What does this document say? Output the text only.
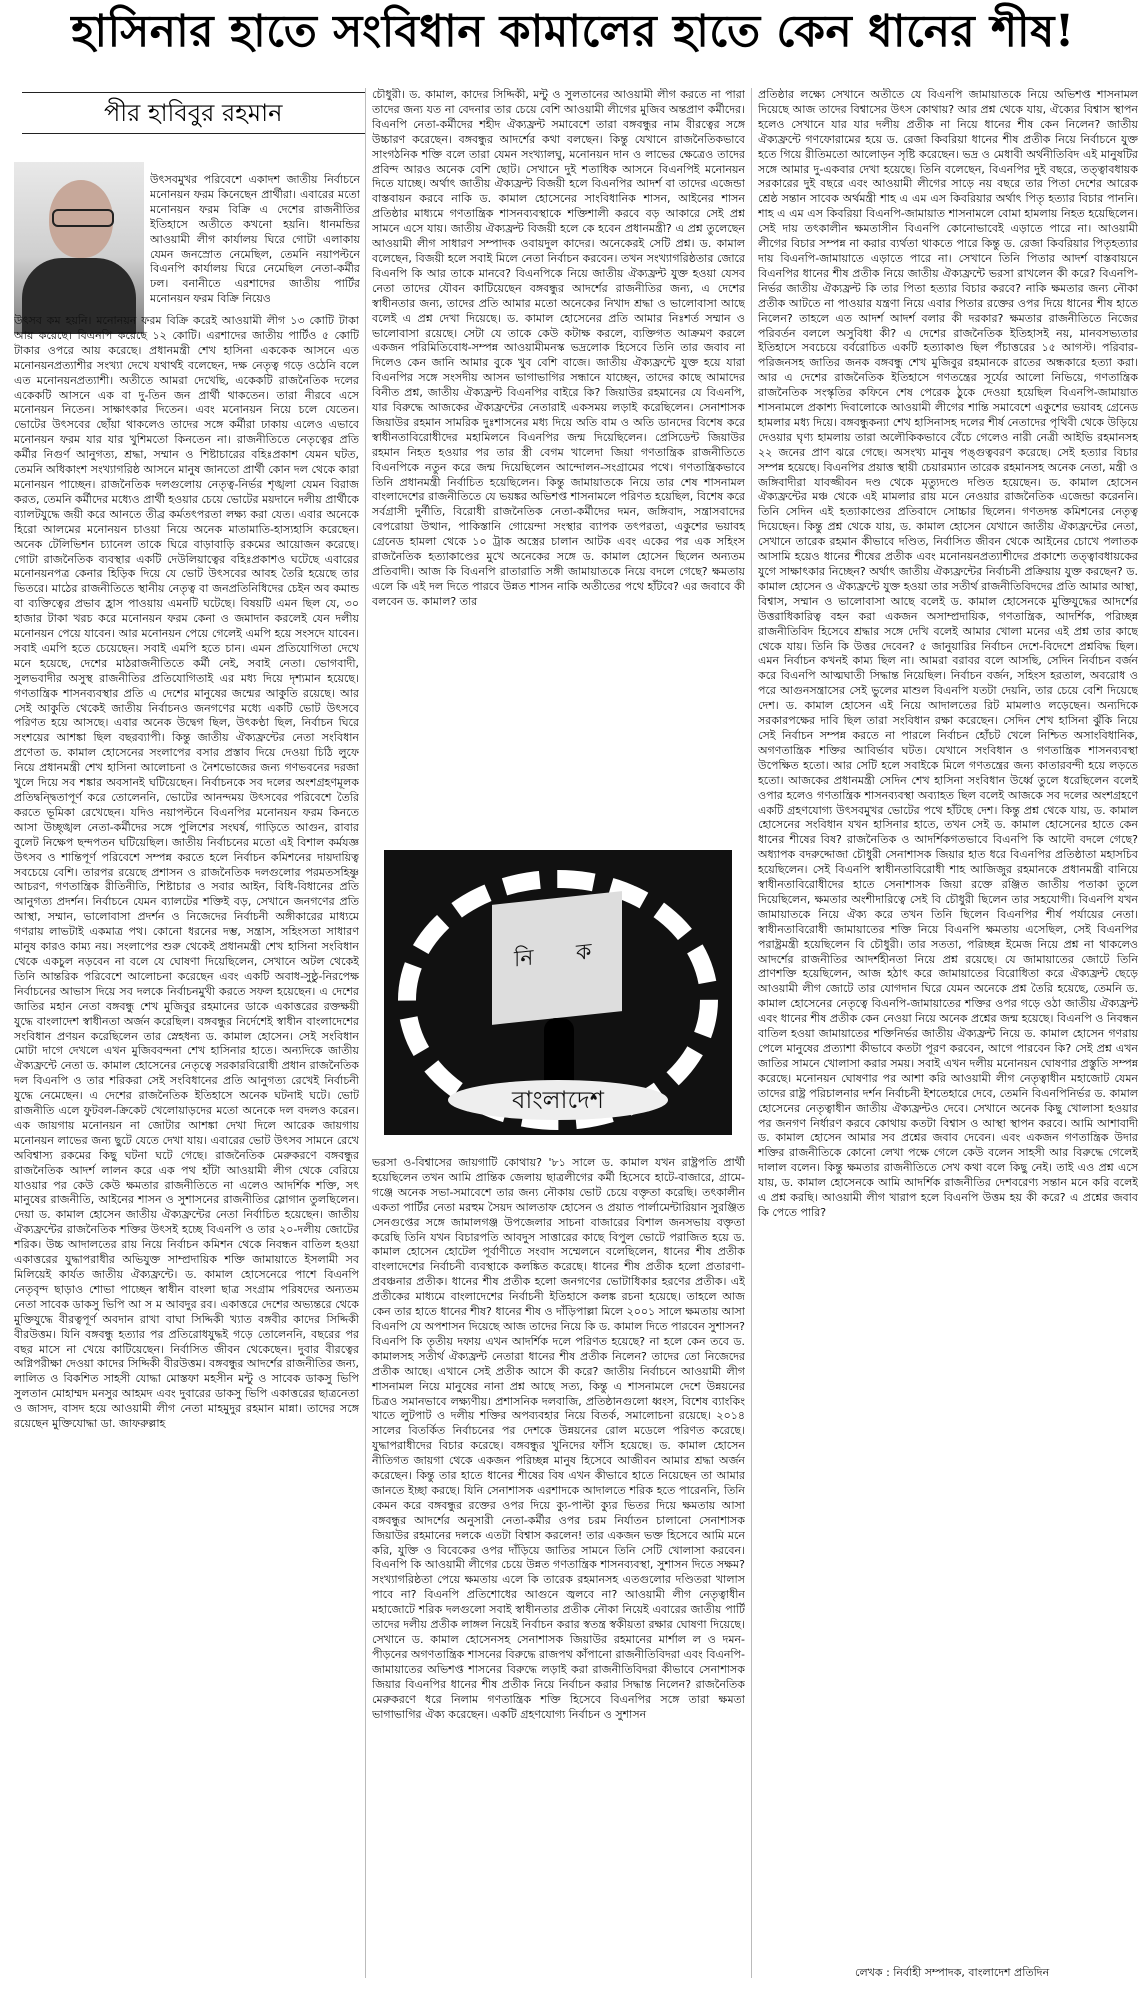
হাসিনার হাতে সংবিধান কামালের হাতে কেন ধানের শীষ!
পীর হাবিবুর রহমান

উৎসবমুখর পরিবেশে একাদশ জাতীয় নির্বাচনে মনোনয়ন ফরম কিনেছেন প্রার্থীরা। এবারের মতো মনোনয়ন ফরম বিক্রি এ দেশের রাজনীতির ইতিহাসে অতীতে কখনো হয়নি। ধানমন্ডির আওয়ামী লীগ কার্যালয় ঘিরে গোটা এলাকায় যেমন জনস্রোত নেমেছিল, তেমনি নয়াপল্টনে বিএনপি কার্যালয় ঘিরে নেমেছিল নেতা-কর্মীর ঢল। বনানীতে এরশাদের জাতীয় পার্টির মনোনয়ন ফরম বিক্রি নিয়েও

উৎসব কম হয়নি। মনোনয়ন ফরম বিক্রি করেই আওয়ামী লীগ ১৩ কোটি টাকা আয় করেছে। বিএনপি করেছে ১২ কোটি। এরশাদের জাতীয় পার্টিও ৫ কোটি টাকার ওপরে আয় করেছে। প্রধানমন্ত্রী শেখ হাসিনা এককেক আসনে এত মনোনয়নপ্রত্যাশীর সংখ্যা দেখে যথার্থই বলেছেন, দক্ষ নেতৃত্ব গড়ে ওঠেনি বলে এত মনোনয়নপ্রত্যাশী। অতীতে আমরা দেখেছি, একেকটি রাজনৈতিক দলের একেকটি আসনে এক বা দু-তিন জন প্রার্থী থাকতেন। তারা নীরবে এসে মনোনয়ন নিতেন। সাক্ষাৎকার দিতেন। এবং মনোনয়ন নিয়ে চলে যেতেন। ভোটের উৎসবের ছোঁয়া থাকলেও তাদের সঙ্গে কর্মীরা ঢাকায় এলেও এভাবে মনোনয়ন ফরম যার যার খুশিমতো কিনতেন না। রাজনীতিতে নেতৃত্বের প্রতি কর্মীর নিগুর্ণ আনুগত্য, শ্রদ্ধা, সম্মান ও শিষ্টাচারের বহিঃপ্রকাশ যেমন ঘটত, তেমনি অধিকাংশ সংখ্যাগরিষ্ঠ আসনে মানুষ জানতো প্রার্থী কোন দল থেকে কারা মনোনয়ন পাচ্ছেন। রাজনৈতিক দলগুলোয় নেতৃত্ব-নির্ভর শৃঙ্খলা যেমন বিরাজ করত, তেমনি কর্মীদের মধ্যেও প্রার্থী হওয়ার চেয়ে ভোটের ময়দানে দলীয় প্রার্থীকে ব্যালটযুদ্ধে জয়ী করে আনতে তীব্র কর্মতৎপরতা লক্ষ্য করা যেত। এবার অনেকে হিরো আলমের মনোনয়ন চাওয়া নিয়ে অনেক মাতামাতি-হাস্যহাসি করেছেন। অনেক টেলিভিশন চ্যানেল তাকে ঘিরে বাড়াবাড়ি রকমের আয়োজন করেছে। গোটা রাজনৈতিক ব্যবস্থার একটি দেউলিয়াত্বের বহিঃপ্রকাশও ঘটেছে এবারের মনোনয়নপত্র কেনার হিড়িক দিয়ে যে ভোট উৎসবের আবহ তৈরি হয়েছে তার ভিতরে। মাঠের রাজনীতিতে স্থানীয় নেতৃত্ব বা জনপ্রতিনিধিদের চেইন অব কমান্ড বা ব্যক্তিত্বের প্রভাব হ্রাস পাওয়ায় এমনটি ঘটেছে। বিষয়টি এমন ছিল যে, ৩০ হাজার টাকা খরচ করে মনোনয়ন ফরম কেনা ও জমাদান করলেই যেন দলীয় মনোনয়ন পেয়ে যাবেন। আর মনোনয়ন পেয়ে গেলেই এমপি হয়ে সংসদে যাবেন। সবাই এমপি হতে চেয়েছেন। সবাই এমপি হতে চান। এমন প্রতিযোগিতা দেখে মনে হয়েছে, দেশের মাঠরাজনীতিতে কর্মী নেই, সবাই নেতা। ভোগবাদী, সুলভবাদীর অসুস্থ রাজনীতির প্রতিযোগিতাই এর মধ্য দিয়ে দৃশ্যমান হয়েছে। গণতান্ত্রিক শাসনব্যবস্থার প্রতি এ দেশের মানুষের জন্মের আকুতি রয়েছে। আর সেই আকুতি থেকেই জাতীয় নির্বাচনও জনগণের মধ্যে একটি ভোট উৎসবে পরিণত হয়ে আসছে। এবার অনেক উদ্বেগ ছিল, উৎকণ্ঠা ছিল, নির্বাচন ঘিরে সংশয়ের আশঙ্কা ছিল বছরব্যাপী। কিন্তু জাতীয় ঐক্যফ্রন্টের নেতা সংবিধান প্রণেতা ড. কামাল হোসেনের সংলাপের বসার প্রস্তাব দিয়ে দেওয়া চিঠি লুফে নিয়ে প্রধানমন্ত্রী শেখ হাসিনা আলোচনা ও নৈশভোজের জন্য গণভবনের দরজা খুলে দিয়ে সব শঙ্কার অবসানই ঘটিয়েছেন। নির্বাচনকে সব দলের অংশগ্রহণমূলক প্রতিদ্বন্দ্বিতাপূর্ণ করে তোলেননি, ভোটের আনন্দময় উৎসবের পরিবেশে তৈরি করতে ভূমিকা রেখেছেন। যদিও নয়াপল্টনে বিএনপির মনোনয়ন ফরম কিনতে আসা উচ্ছৃঙ্খল নেতা-কর্মীদের সঙ্গে পুলিশের সংঘর্ষ, গাড়িতে আগুন, রাবার বুলেট নিক্ষেপ ছন্দপতন ঘটিয়েছিল। জাতীয় নির্বাচনের মতো এই বিশাল কর্মযজ্ঞ উৎসব ও শান্তিপূর্ণ পরিবেশে সম্পন্ন করতে হলে নির্বাচন কমিশনের দায়দায়িত্ব সবচেয়ে বেশি। তারপর রয়েছে প্রশাসন ও রাজনৈতিক দলগুলোর পরমতসহিষ্ণু আচরণ, গণতান্ত্রিক রীতিনীতি, শিষ্টাচার ও সবার আইন, বিধি-বিধানের প্রতি আনুগত্য প্রদর্শন। নির্বাচনে যেমন ব্যালটের শক্তিই বড়, সেখানে জনগণের প্রতি আস্থা, সম্মান, ভালোবাসা প্রদর্শন ও নিজেদের নির্বাচনী অঙ্গীকারের মাধ্যমে গণরায় লাভটাই একমাত্র পথ। কোনো ধরনের দম্ভ, সন্ত্রাস, সহিংসতা সাধারণ মানুষ কারও কাম্য নয়। সংলাপের শুরু থেকেই প্রধানমন্ত্রী শেখ হাসিনা সংবিধান থেকে একচুল নড়বেন না বলে যে ঘোষণা দিয়েছিলেন, সেখানে অটল থেকেই তিনি আন্তরিক পরিবেশে আলোচনা করেছেন এবং একটি অবাধ-সুষ্ঠু-নিরপেক্ষ নির্বাচনের আভাস দিয়ে সব দলকে নির্বাচনমুখী করতে সফল হয়েছেন। এ দেশের জাতির মহান নেতা বঙ্গবন্ধু শেখ মুজিবুর রহমানের ডাকে একাত্তরের রক্তক্ষয়ী যুদ্ধে বাংলাদেশ স্বাধীনতা অর্জন করেছিল। বঙ্গবন্ধুর নির্দেশেই স্বাধীন বাংলাদেশের সংবিধান প্রণয়ন করেছিলেন তার স্নেহধন্য ড. কামাল হোসেন। সেই সংবিধান মোটা দাগে দেখলে এখন মুজিববন্দনা শেখ হাসিনার হাতে। অন্যদিকে জাতীয় ঐক্যফ্রন্টে নেতা ড. কামাল হোসেনের নেতৃত্বে সরকারবিরোধী প্রধান রাজনৈতিক দল বিএনপি ও তার শরিকরা সেই সংবিধানের প্রতি আনুগত্য রেখেই নির্বাচনী যুদ্ধে নেমেছেন। এ দেশের রাজনৈতিক ইতিহাসে অনেক ঘটনাই ঘটে। ভোট রাজনীতি এলে ফুটবল-ক্রিকেট খেলোয়াড়দের মতো অনেকে দল বদলও করেন। এক জায়গায় মনোনয়ন না জোটার আশঙ্কা দেখা দিলে আরেক জায়গায় মনোনয়ন লাভের জন্য ছুটে যেতে দেখা যায়। এবারের ভোট উৎসব সামনে রেখে অবিশ্বাস্য রকমের কিছু ঘটনা ঘটে গেছে। রাজনৈতিক মেরুকরণে বঙ্গবন্ধুর রাজনৈতিক আদর্শ লালন করে এক পথ হাঁটা আওয়ামী লীগ থেকে বেরিয়ে যাওয়ার পর কেউ কেউ ক্ষমতার রাজনীতিতে না এলেও আদর্শিক শক্তি, সৎ মানুষের রাজনীতি, আইনের শাসন ও সুশাসনের রাজনীতির স্লোগান তুলছিলেন। দেয়া ড. কামাল হোসেন জাতীয় ঐক্যফ্রন্টের নেতা নির্বাচিত হয়েছেন। জাতীয় ঐক্যফ্রন্টের রাজনৈতিক শক্তির উৎসই হচ্ছে বিএনপি ও তার ২০-দলীয় জোটের শরিক। উচ্চ আদালতের রায় নিয়ে নির্বাচন কমিশন থেকে নিবন্ধন বাতিল হওয়া একাত্তরের যুদ্ধাপরাধীর অভিযুক্ত সাম্প্রদায়িক শক্তি জামায়াতে ইসলামী সব মিলিয়েই কার্যত জাতীয় ঐক্যফ্রন্টে। ড. কামাল হোসেনেরে পাশে বিএনপি নেতৃবৃন্দ ছাড়াও শোভা পাচ্ছেন স্বাধীন বাংলা ছাত্র সংগ্রাম পরিষদের অন্যতম নেতা সাবেক ডাকসু ভিপি আ স ম আবদুর রব। একাত্তরে দেশের অভ্যন্তরে থেকে মুক্তিযুদ্ধে বীরত্বপূর্ণ অবদান রাখা বাঘা সিদ্দিকী খ্যাত বঙ্গবীর কাদের সিদ্দিকী বীরউত্তম। যিনি বঙ্গবন্ধু হত্যার পর প্রতিরোধযুদ্ধই গড়ে তোলেননি, বছরের পর বছর মাসে না খেয়ে কাটিয়েছেন। নির্বাসিত জীবন থেকেছেন। দুবার বীরত্বের অগ্নিপরীক্ষা দেওয়া কাদের সিদ্দিকী বীরউত্তম। বঙ্গবন্ধুর আদর্শের রাজনীতির জন্য, লালিত ও বিকশিত সাহসী যোদ্ধা মোস্তফা মহসীন মন্টু ও সাবেক ডাকসু ভিপি সুলতান মোহাম্মদ মনসুর আহমদ এবং দুবারের ডাকসু ভিপি একাত্তরের ছাত্রনেতা ও জাসদ, বাসদ হয়ে আওয়ামী লীগ নেতা মাহমুদুর রহমান মান্না। তাদের সঙ্গে রয়েছেন মুক্তিযোদ্ধা ডা. জাফরুল্লাহ

চৌধুরী। ড. কামাল, কাদের সিদ্দিকী, মন্টু ও সুলতানের আওয়ামী লীগ করতে না পারা তাদের জন্য যত না বেদনার তার চেয়ে বেশি আওয়ামী লীগের মুজিব অন্তপ্রাণ কর্মীদের। বিএনপি নেতা-কর্মীদের শহীদ ঐক্যফ্রন্ট সমাবেশে তারা বঙ্গবন্ধুর নাম বীরত্বের সঙ্গে উচ্চারণ করেছেন। বঙ্গবন্ধুর আদর্শের কথা বলছেন। কিন্তু যেখানে রাজনৈতিকভাবে সাংগঠনিক শক্তি বলে তারা যেমন সংখ্যালঘু, মনোনয়ন দান ও লাভের ক্ষেত্রেও তাদের প্রবিন্দ আরও অনেক বেশি ছোট। সেখানে দুই শতাধিক আসনে বিএনপিই মনোনয়ন দিতে যাচ্ছে। অর্থাৎ জাতীয় ঐক্যফ্রন্ট বিজয়ী হলে বিএনপির আদর্শ বা তাদের এজেন্ডা বাস্তবায়ন করবে নাকি ড. কামাল হোসেনের সাংবিধানিক শাসন, আইনের শাসন প্রতিষ্ঠার মাধ্যমে গণতান্ত্রিক শাসনব্যবস্থাকে শক্তিশালী করবে বড় আকারে সেই প্রশ্ন সামনে এসে যায়। জাতীয় ঐক্যফ্রন্ট বিজয়ী হলে কে হবেন প্রধানমন্ত্রী? এ প্রশ্ন তুলেছেন আওয়ামী লীগ সাধারণ সম্পাদক ওবায়দুল কাদের। অনেকেরই সেটি প্রশ্ন। ড. কামাল বলেছেন, বিজয়ী হলে সবাই মিলে নেতা নির্বাচন করবেন। তখন সংখ্যাগরিষ্ঠতার জোরে বিএনপি কি আর তাকে মানবে? বিএনপিকে নিয়ে জাতীয় ঐক্যফ্রন্ট যুক্ত হওয়া যেসব নেতা তাদের যৌবন কাটিয়েছেন বঙ্গবন্ধুর আদর্শের রাজনীতির জন্য, এ দেশের স্বাধীনতার জন্য, তাদের প্রতি আমার মতো অনেকের নিখাদ শ্রদ্ধা ও ভালোবাসা আছে বলেই এ প্রশ্ন দেখা দিয়েছে। ড. কামাল হোসেনের প্রতি আমার নিঃশর্ত সম্মান ও ভালোবাসা রয়েছে। সেটা যে তাকে কেউ কটাক্ষ করলে, ব্যক্তিগত আক্রমণ করলে একজন পরিমিতিবোধ-সম্পন্ন আওয়ামীমনস্ক ভদ্রলোক হিসেবে তিনি তার জবাব না দিলেও কেন জানি আমার বুকে খুব বেশি বাজে। জাতীয় ঐক্যফ্রন্টে যুক্ত হয়ে যারা বিএনপির সঙ্গে সংসদীয় আসন ভাগাভাগির সন্ধানে যাচ্ছেন, তাদের কাছে আমাদের বিনীত প্রশ্ন, জাতীয় ঐক্যফ্রন্ট বিএনপির বাইরে কি? জিয়াউর রহমানের যে বিএনপি, যার বিরুদ্ধে আজকের ঐক্যফ্রন্টের নেতারাই একসময় লড়াই করেছিলেন। সেনাশাসক জিয়াউর রহমান সামরিক দুঃশাসনের মধ্য দিয়ে অতি বাম ও অতি ডানদের বিশেষ করে স্বাধীনতাবিরোধীদের মহামিলনে বিএনপির জন্ম দিয়েছিলেন। প্রেসিডেন্ট জিয়াউর রহমান নিহত হওয়ার পর তার স্ত্রী বেগম খালেদা জিয়া গণতান্ত্রিক রাজনীতিতে বিএনপিকে নতুন করে জন্ম দিয়েছিলেন আন্দোলন-সংগ্রামের পথে। গণতান্ত্রিকভাবে তিনি প্রধানমন্ত্রী নির্বাচিত হয়েছিলেন। কিন্তু জামায়াতকে নিয়ে তার শেষ শাসনামল বাংলাদেশের রাজনীতিতে যে ভয়ঙ্কর অভিশপ্ত শাসনামলে পরিণত হয়েছিল, বিশেষ করে সর্বগ্রাসী দুর্নীতি, বিরোধী রাজনৈতিক নেতা-কর্মীদের দমন, জঙ্গিবাদ, সন্ত্রাসবাদের বেপরোয়া উত্থান, পাকিস্তানি গোয়েন্দা সংস্থার ব্যাপক তৎপরতা, একুশের ভয়াবহ গ্রেনেড হামলা থেকে ১০ ট্রাক অস্ত্রের চালান আটক এবং একের পর এক সহিংস রাজনৈতিক হত্যাকাণ্ডের মুখে অনেকের সঙ্গে ড. কামাল হোসেন ছিলেন অন্যতম প্রতিবাদী। আজ কি বিএনপি রাতারাতি সঙ্গী জামায়াতকে নিয়ে বদলে গেছে? ক্ষমতায় এলে কি এই দল দিতে পারবে উন্নত শাসন নাকি অতীতের পথে হাঁটবে? এর জবাবে কী বলবেন ড. কামাল? তার

নি ক
বাংলাদেশ

ভরসা ও-বিশ্বাসের জায়গাটি কোথায়? '৮১ সালে ড. কামাল যখন রাষ্ট্রপতি প্রার্থী হয়েছিলেন তখন আমি প্রান্তিক জেলায় ছাত্রলীগের কর্মী হিসেবে হাটে-বাজারে, গ্রামে-গঞ্জে অনেক সভা-সমাবেশে তার জন্য নৌকায় ভোট চেয়ে বক্তৃতা করেছি। তৎকালীন একতা পার্টির নেতা মরহুম সৈয়দ আলতাফ হোসেন ও প্রয়াত পার্লামেন্টারিয়ান সুরঞ্জিত সেনগুপ্তের সঙ্গে জামালগঞ্জ উপজেলার সাচনা বাজারের বিশাল জনসভায় বক্তৃতা করেছি তিনি যখন বিচারপতি আবদুস সাত্তারের কাছে বিপুল ভোটে পরাজিত হয়ে ড. কামাল হোসেন হোটেল পূর্বাণীতে সংবাদ সম্মেলনে বলেছিলেন, ধানের শীষ প্রতীক বাংলাদেশের নির্বাচনী ব্যবস্থাকে কলঙ্কিত করেছে। ধানের শীষ প্রতীক হলো প্রতারণা-প্রবঞ্চনার প্রতীক। ধানের শীষ প্রতীক হলো জনগণের ভোটাধিকার হরণের প্রতীক। এই প্রতীকের মাধ্যমে বাংলাদেশের নির্বাচনী ইতিহাসে কলঙ্ক রচনা হয়েছে। তাহলে আজ কেন তার হাতে ধানের শীষ? ধানের শীষ ও দাঁড়িপাল্লা মিলে ২০০১ সালে ক্ষমতায় আসা বিএনপি যে অপশাসন দিয়েছে আজ তাদের নিয়ে কি ড. কামাল দিতে পারবেন সুশাসন? বিএনপি কি তৃতীয় দফায় এখন আদর্শিক দলে পরিণত হয়েছে? না হলে কেন তবে ড. কামালসহ সতীর্থ ঐক্যফ্রন্ট নেতারা ধানের শীষ প্রতীক নিলেন? তাদের তো নিজেদের প্রতীক আছে। এখানে সেই প্রতীক আসে কী করে? জাতীয় নির্বাচনে আওয়ামী লীগ শাসনামল নিয়ে মানুষের নানা প্রশ্ন আছে সত্য, কিন্তু এ শাসনামলে দেশে উন্নয়নের চিত্রও সমানভাবে লক্ষ্যণীয়। প্রশাসনিক দলবাজি, প্রতিষ্ঠানগুলো ধ্বংস, বিশেষ ব্যাংকিং খাতে লুটপাট ও দলীয় শক্তির অপব্যবহার নিয়ে বিতর্ক, সমালোচনা রয়েছে। ২০১৪ সালের বিতর্কিত নির্বাচনের পর দেশকে উন্নয়নের রোল মডেলে পরিণত করেছে। যুদ্ধাপরাধীদের বিচার করেছে। বঙ্গবন্ধুর খুনিদের ফাঁসি হয়েছে। ড. কামাল হোসেন নীতিগত জায়গা থেকে একজন পরিচ্ছন্ন মানুষ হিসেবে আজীবন আমার শ্রদ্ধা অর্জন করেছেন। কিন্তু তার হাতে ধানের শীষের বিষ এখন কীভাবে হাতে নিয়েছেন তা আমার জানতে ইচ্ছা করছে। যিনি সেনাশাসক এরশাদকে আদালতে শরিক হতে পারেননি, তিনি কেমন করে বঙ্গবন্ধুর রক্তের ওপর দিয়ে ক্যু-পাল্টা ক্যুর ভিতর দিয়ে ক্ষমতায় আসা বঙ্গবন্ধুর আদর্শের অনুসারী নেতা-কর্মীর ওপর চরম নির্যাতন চালানো সেনাশাসক জিয়াউর রহমানের দলকে এতটা বিশ্বাস করলেন! তার একজন ভক্ত হিসেবে আমি মনে করি, যুক্তি ও বিবেকের ওপর দাঁড়িয়ে জাতির সামনে তিনি সেটি খোলাসা করবেন। বিএনপি কি আওয়ামী লীগের চেয়ে উন্নত গণতান্ত্রিক শাসনব্যবস্থা, সুশাসন দিতে সক্ষম? সংখ্যাগরিষ্ঠতা পেয়ে ক্ষমতায় এলে কি তারেক রহমানসহ এতগুলোর দণ্ডিতরা খালাস পাবে না? বিএনপি প্রতিশোধের আগুনে জ্বলবে না? আওয়ামী লীগ নেতৃত্বাধীন মহাজোটে শরিক দলগুলো সবাই স্বাধীনতার প্রতীক নৌকা নিয়েই এবারের জাতীয় পার্টি তাদের দলীয় প্রতীক লাঙ্গল নিয়েই নির্বাচন করার স্বতন্ত্র স্বকীয়তা রক্ষার ঘোষণা দিয়েছে। সেখানে ড. কামাল হোসেনসহ সেনাশাসক জিয়াউর রহমানের মার্শাল ল ও দমন-পীড়নের অগণতান্ত্রিক শাসনের বিরুদ্ধে রাজপথ কাঁপানো রাজনীতিবিদরা এবং বিএনপি-জামায়াতের অভিশপ্ত শাসনের বিরুদ্ধে লড়াই করা রাজনীতিবিদরা কীভাবে সেনাশাসক জিয়ার বিএনপির ধানের শীষ প্রতীক নিয়ে নির্বাচন করার সিদ্ধান্ত নিলেন? রাজনৈতিক মেরুকরণে ধরে নিলাম গণতান্ত্রিক শক্তি হিসেবে বিএনপির সঙ্গে তারা ক্ষমতা ভাগাভাগির ঐক্য করেছেন। একটি গ্রহণযোগ্য নির্বাচন ও সুশাসন

প্রতিষ্ঠার লক্ষ্যে সেখানে অতীতে যে বিএনপি জামায়াতকে নিয়ে অভিশপ্ত শাসনামল দিয়েছে আজ তাদের বিশ্বাসের উৎস কোথায়? আর প্রশ্ন থেকে যায়, ঐক্যের বিশ্বাস স্থাপন হলেও সেখানে যার যার দলীয় প্রতীক না নিয়ে ধানের শীষ কেন নিলেন? জাতীয় ঐক্যফ্রন্টে গণফোরামের হয়ে ড. রেজা কিবরিয়া ধানের শীষ প্রতীক নিয়ে নির্বাচনে যুক্ত হতে গিয়ে রীতিমতো আলোড়ন সৃষ্টি করেছেন। ভদ্র ও মেধাবী অর্থনীতিবিদ এই মানুষটির সঙ্গে আমার দু-একবার দেখা হয়েছে। তিনি বলেছেন, বিএনপির দুই বছরে, তত্ত্বাবধায়ক সরকারের দুই বছরে এবং আওয়ামী লীগের সাড়ে নয় বছরে তার পিতা দেশের আরেক শ্রেষ্ঠ সন্তান সাবেক অর্থমন্ত্রী শাহ এ এম এস কিবরিয়ার অর্থাৎ পিতৃ হত্যার বিচার পাননি। শাহ এ এম এস কিবরিয়া বিএনপি-জামায়াত শাসনামলে বোমা হামলায় নিহত হয়েছিলেন। সেই দায় তৎকালীন ক্ষমতাসীন বিএনপি কোনোভাবেই এড়াতে পারে না। আওয়ামী লীগের বিচার সম্পন্ন না করার ব্যর্থতা থাকতে পারে কিন্তু ড. রেজা কিবরিয়ার পিতৃহত্যার দায় বিএনপি-জামায়াতে এড়াতে পারে না। সেখানে তিনি পিতার আদর্শ বাস্তবায়নে বিএনপির ধানের শীষ প্রতীক নিয়ে জাতীয় ঐক্যফ্রন্টে ভরসা রাখলেন কী করে? বিএনপি-নির্ভর জাতীয় ঐক্যফ্রন্ট কি তার পিতা হত্যার বিচার করবে? নাকি ক্ষমতার জন্য নৌকা প্রতীক আটতে না পাওয়ার যন্ত্রণা নিয়ে এবার পিতার রক্তের ওপর দিয়ে ধানের শীষ হাতে নিলেন? তাহলে এত আদর্শ আদর্শ বলার কী দরকার? ক্ষমতার রাজনীতিতে নিজের পরিবর্তন বললে অসুবিধা কী? এ দেশের রাজনৈতিক ইতিহাসই নয়, মানবসভ্যতার ইতিহাসে সবচেয়ে বর্বরোচিত একটি হত্যাকাণ্ড ছিল পঁচাত্তরের ১৫ আগস্ট। পরিবার-পরিজনসহ জাতির জনক বঙ্গবন্ধু শেখ মুজিবুর রহমানকে রাতের অন্ধকারে হত্যা করা। আর এ দেশের রাজনৈতিক ইতিহাসে গণতন্ত্রের সূর্যের আলো নিভিয়ে, গণতান্ত্রিক রাজনৈতিক সংস্কৃতির কফিনে শেষ পেরেক ঠুকে দেওয়া হয়েছিল বিএনপি-জামায়াত শাসনামলে প্রকাশ্য দিবালোকে আওয়ামী লীগের শান্তি সমাবেশে একুশের ভয়াবহ গ্রেনেড হামলার মধ্য দিয়ে। বঙ্গবন্ধুকন্যা শেখ হাসিনাসহ দলের শীর্ষ নেতাদের পৃথিবী থেকে উড়িয়ে দেওয়ার ঘৃণ্য হামলায় তারা অলৌকিকভাবে বেঁচে গেলেও নারী নেত্রী আইভি রহমানসহ ২২ জনের প্রাণ ঝরে গেছে। অসংখ্য মানুষ পঙ্গুত্ববরণ করেছে। সেই হত্যার বিচার সম্পন্ন হয়েছে। বিএনপির প্রয়াত্ত স্থায়ী চেয়ারম্যান তারেক রহমানসহ অনেক নেতা, মন্ত্রী ও জঙ্গিবাদীরা যাবজ্জীবন দণ্ড থেকে মৃত্যুদণ্ডে দণ্ডিত হয়েছেন। ড. কামাল হোসেন ঐক্যফ্রন্টের মঞ্চ থেকে এই মামলার রায় মনে নেওয়ার রাজনৈতিক এজেন্ডা করেননি। তিনি সেদিন এই হত্যাকাণ্ডের প্রতিবাদে সোচ্চার ছিলেন। গণতদন্ত কমিশনের নেতৃত্ব দিয়েছেন। কিন্তু প্রশ্ন থেকে যায়, ড. কামাল হোসেন যেখানে জাতীয় ঐক্যফ্রন্টের নেতা, সেখানে তারেক রহমান কীভাবে দণ্ডিত, নির্বাসিত জীবন থেকে আইনের চোখে পলাতক আসামি হয়েও ধানের শীষের প্রতীক এবং মনোনয়নপ্রত্যাশীদের প্রকাশ্যে তত্ত্বাবধায়কের যুগে সাক্ষাৎকার নিচ্ছেন? অর্থাৎ জাতীয় ঐক্যফ্রন্টের নির্বাচনী প্রক্রিয়ায় যুক্ত করছেন? ড. কামাল হোসেন ও ঐক্যফ্রন্টে যুক্ত হওয়া তার সতীর্থ রাজনীতিবিদদের প্রতি আমার আস্থা, বিশ্বাস, সম্মান ও ভালোবাসা আছে বলেই ড. কামাল হোসেনকে মুক্তিযুদ্ধের আদর্শের উত্তরাধিকারিত্ব বহন করা একজন অসাম্প্রদায়িক, গণতান্ত্রিক, আদর্শিক, পরিচ্ছন্ন রাজনীতিবিদ হিসেবে শ্রদ্ধার সঙ্গে দেখি বলেই আমার খোলা মনের এই প্রশ্ন তার কাছে থেকে যায়। তিনি কি উত্তর দেবেন? ৫ জানুয়ারির নির্বাচন দেশে-বিদেশে প্রশ্নবিদ্ধ ছিল। এমন নির্বাচন কখনই কাম্য ছিল না। আমরা বরাবর বলে আসছি, সেদিন নির্বাচন বর্জন করে বিএনপি আত্মঘাতী সিদ্ধান্ত নিয়েছিল। নির্বাচন বর্জন, সহিংস হরতাল, অবরোধ ও পরে আগুনসন্ত্রাসের সেই ভুলের মাশুল বিএনপি যতটা দেয়নি, তার চেয়ে বেশি দিয়েছে দেশ। ড. কামাল হোসেন এই নিয়ে আদালতের রিট মামলাও লড়েছেন। অন্যদিকে সরকারপক্ষের দাবি ছিল তারা সংবিধান রক্ষা করেছেন। সেদিন শেখ হাসিনা ঝুঁকি নিয়ে সেই নির্বাচন সম্পন্ন করতে না পারলে নির্বাচন হোঁচট খেলে নিশ্চিত অসাংবিধানিক, অগণতান্ত্রিক শক্তির আবির্ভাব ঘটত। যেখানে সংবিধান ও গণতান্ত্রিক শাসনব্যবস্থা উপেক্ষিত হতো। আর সেটি হলে সবাইকে মিলে গণতন্ত্রের জন্য কাতারবন্দী হয়ে লড়তে হতো। আজকের প্রধানমন্ত্রী সেদিন শেখ হাসিনা সংবিধান উর্ধ্বে তুলে ধরেছিলেন বলেই ওপার হলেও গণতান্ত্রিক শাসনব্যবস্থা অব্যাহত ছিল বলেই আজকে সব দলের অংশগ্রহণে একটি গ্রহণযোগ্য উৎসবমুখর ভোটের পথে হাঁটছে দেশ। কিন্তু প্রশ্ন থেকে যায়, ড. কামাল হোসেনের সংবিধান যখন হাসিনার হাতে, তখন সেই ড. কামাল হোসেনের হাতে কেন ধানের শীষের বিষ? রাজনৈতিক ও আদর্শিকগতভাবে বিএনপি কি আদৌ বদলে গেছে? অধ্যাপক বদরুদ্দোজা চৌধুরী সেনাশাসক জিয়ার হাত ধরে বিএনপির প্রতিষ্ঠাতা মহাসচিব হয়েছিলেন। সেই বিএনপি স্বাধীনতাবিরোধী শাহ আজিজুর রহমানকে প্রধানমন্ত্রী বানিয়ে স্বাধীনতাবিরোধীদের হাতে সেনাশাসক জিয়া রক্তে রঞ্জিত জাতীয় পতাকা তুলে দিয়েছিলেন, ক্ষমতার অংশীদারিত্বে সেই বি চৌধুরী ছিলেন তার সহযোগী। বিএনপি যখন জামায়াতকে নিয়ে ঐক্য করে তখন তিনি ছিলেন বিএনপির শীর্ষ পর্যায়ের নেতা। স্বাধীনতাবিরোধী জামায়াতের শক্তি নিয়ে বিএনপি ক্ষমতায় এসেছিল, সেই বিএনপির পরাষ্ট্রমন্ত্রী হয়েছিলেন বি চৌধুরী। তার সততা, পরিচ্ছন্ন ইমেজ নিয়ে প্রশ্ন না থাকলেও আদর্শের রাজনীতির আদর্শহীনতা নিয়ে প্রশ্ন রয়েছে। যে জামায়াতের জোটে তিনি প্রাণশক্তি হয়েছিলেন, আজ হঠাৎ করে জামায়াতের বিরোধিতা করে ঐক্যফ্রন্ট ছেড়ে আওয়ামী লীগ জোটে তার যোগদান ঘিরে যেমন অনেকে প্রশ্ন তৈরি হয়েছে, তেমনি ড. কামাল হোসেনের নেতৃত্বে বিএনপি-জামায়াতের শক্তির ওপর গড়ে ওঠা জাতীয় ঐক্যফ্রন্ট এবং ধানের শীষ প্রতীক কেন নেওয়া নিয়ে অনেক প্রশ্নের জন্ম হয়েছে। বিএনপি ও নিবন্ধন বাতিল হওয়া জামায়াতের শক্তিনির্ভর জাতীয় ঐক্যফ্রন্ট নিয়ে ড. কামাল হোসেন গণরায় পেলে মানুষের প্রত্যাশা কীভাবে কতটা পূরণ করবেন, আগে পারবেন কি? সেই প্রশ্ন এখন জাতির সামনে খোলাসা করার সময়। সবাই এখন দলীয় মনোনয়ন ঘোষণার প্রস্তুতি সম্পন্ন করেছে। মনোনয়ন ঘোষণার পর আশা করি আওয়ামী লীগ নেতৃত্বাধীন মহাজোট যেমন তাদের রাষ্ট্র পরিচালনার দর্শন নির্বাচনী ইশতেহারে দেবে, তেমনি বিএনপিনির্ভর ড. কামাল হোসেনের নেতৃত্বাধীন জাতীয় ঐক্যফ্রন্টও দেবে। সেখানে অনেক কিছু খোলাসা হওয়ার পর জনগণ নির্ধারণ করবে কোথায় কতটা বিশ্বাস ও আস্থা স্থাপন করবে। আমি আশাবাদী ড. কামাল হোসেন আমার সব প্রশ্নের জবাব দেবেন। এবং একজন গণতান্ত্রিক উদার শক্তির রাজনীতিকে কোনো লেখা পক্ষে গেলে কেউ বলেন সাহসী আর বিরুদ্ধে গেলেই দালাল বলেন। কিন্তু ক্ষমতার রাজনীতিতে সেখ কথা বলে কিছু নেই। তাই এও প্রশ্ন এসে যায়, ড. কামাল হোসেনকে আমি আদর্শিক রাজনীতির দেশবরেণ্য সন্তান মনে করি বলেই এ প্রশ্ন করছি। আওয়ামী লীগ খারাপ হলে বিএনপি উত্তম হয় কী করে? এ প্রশ্নের জবাব কি পেতে পারি?

লেখক : নির্বাহী সম্পাদক, বাংলাদেশ প্রতিদিন
